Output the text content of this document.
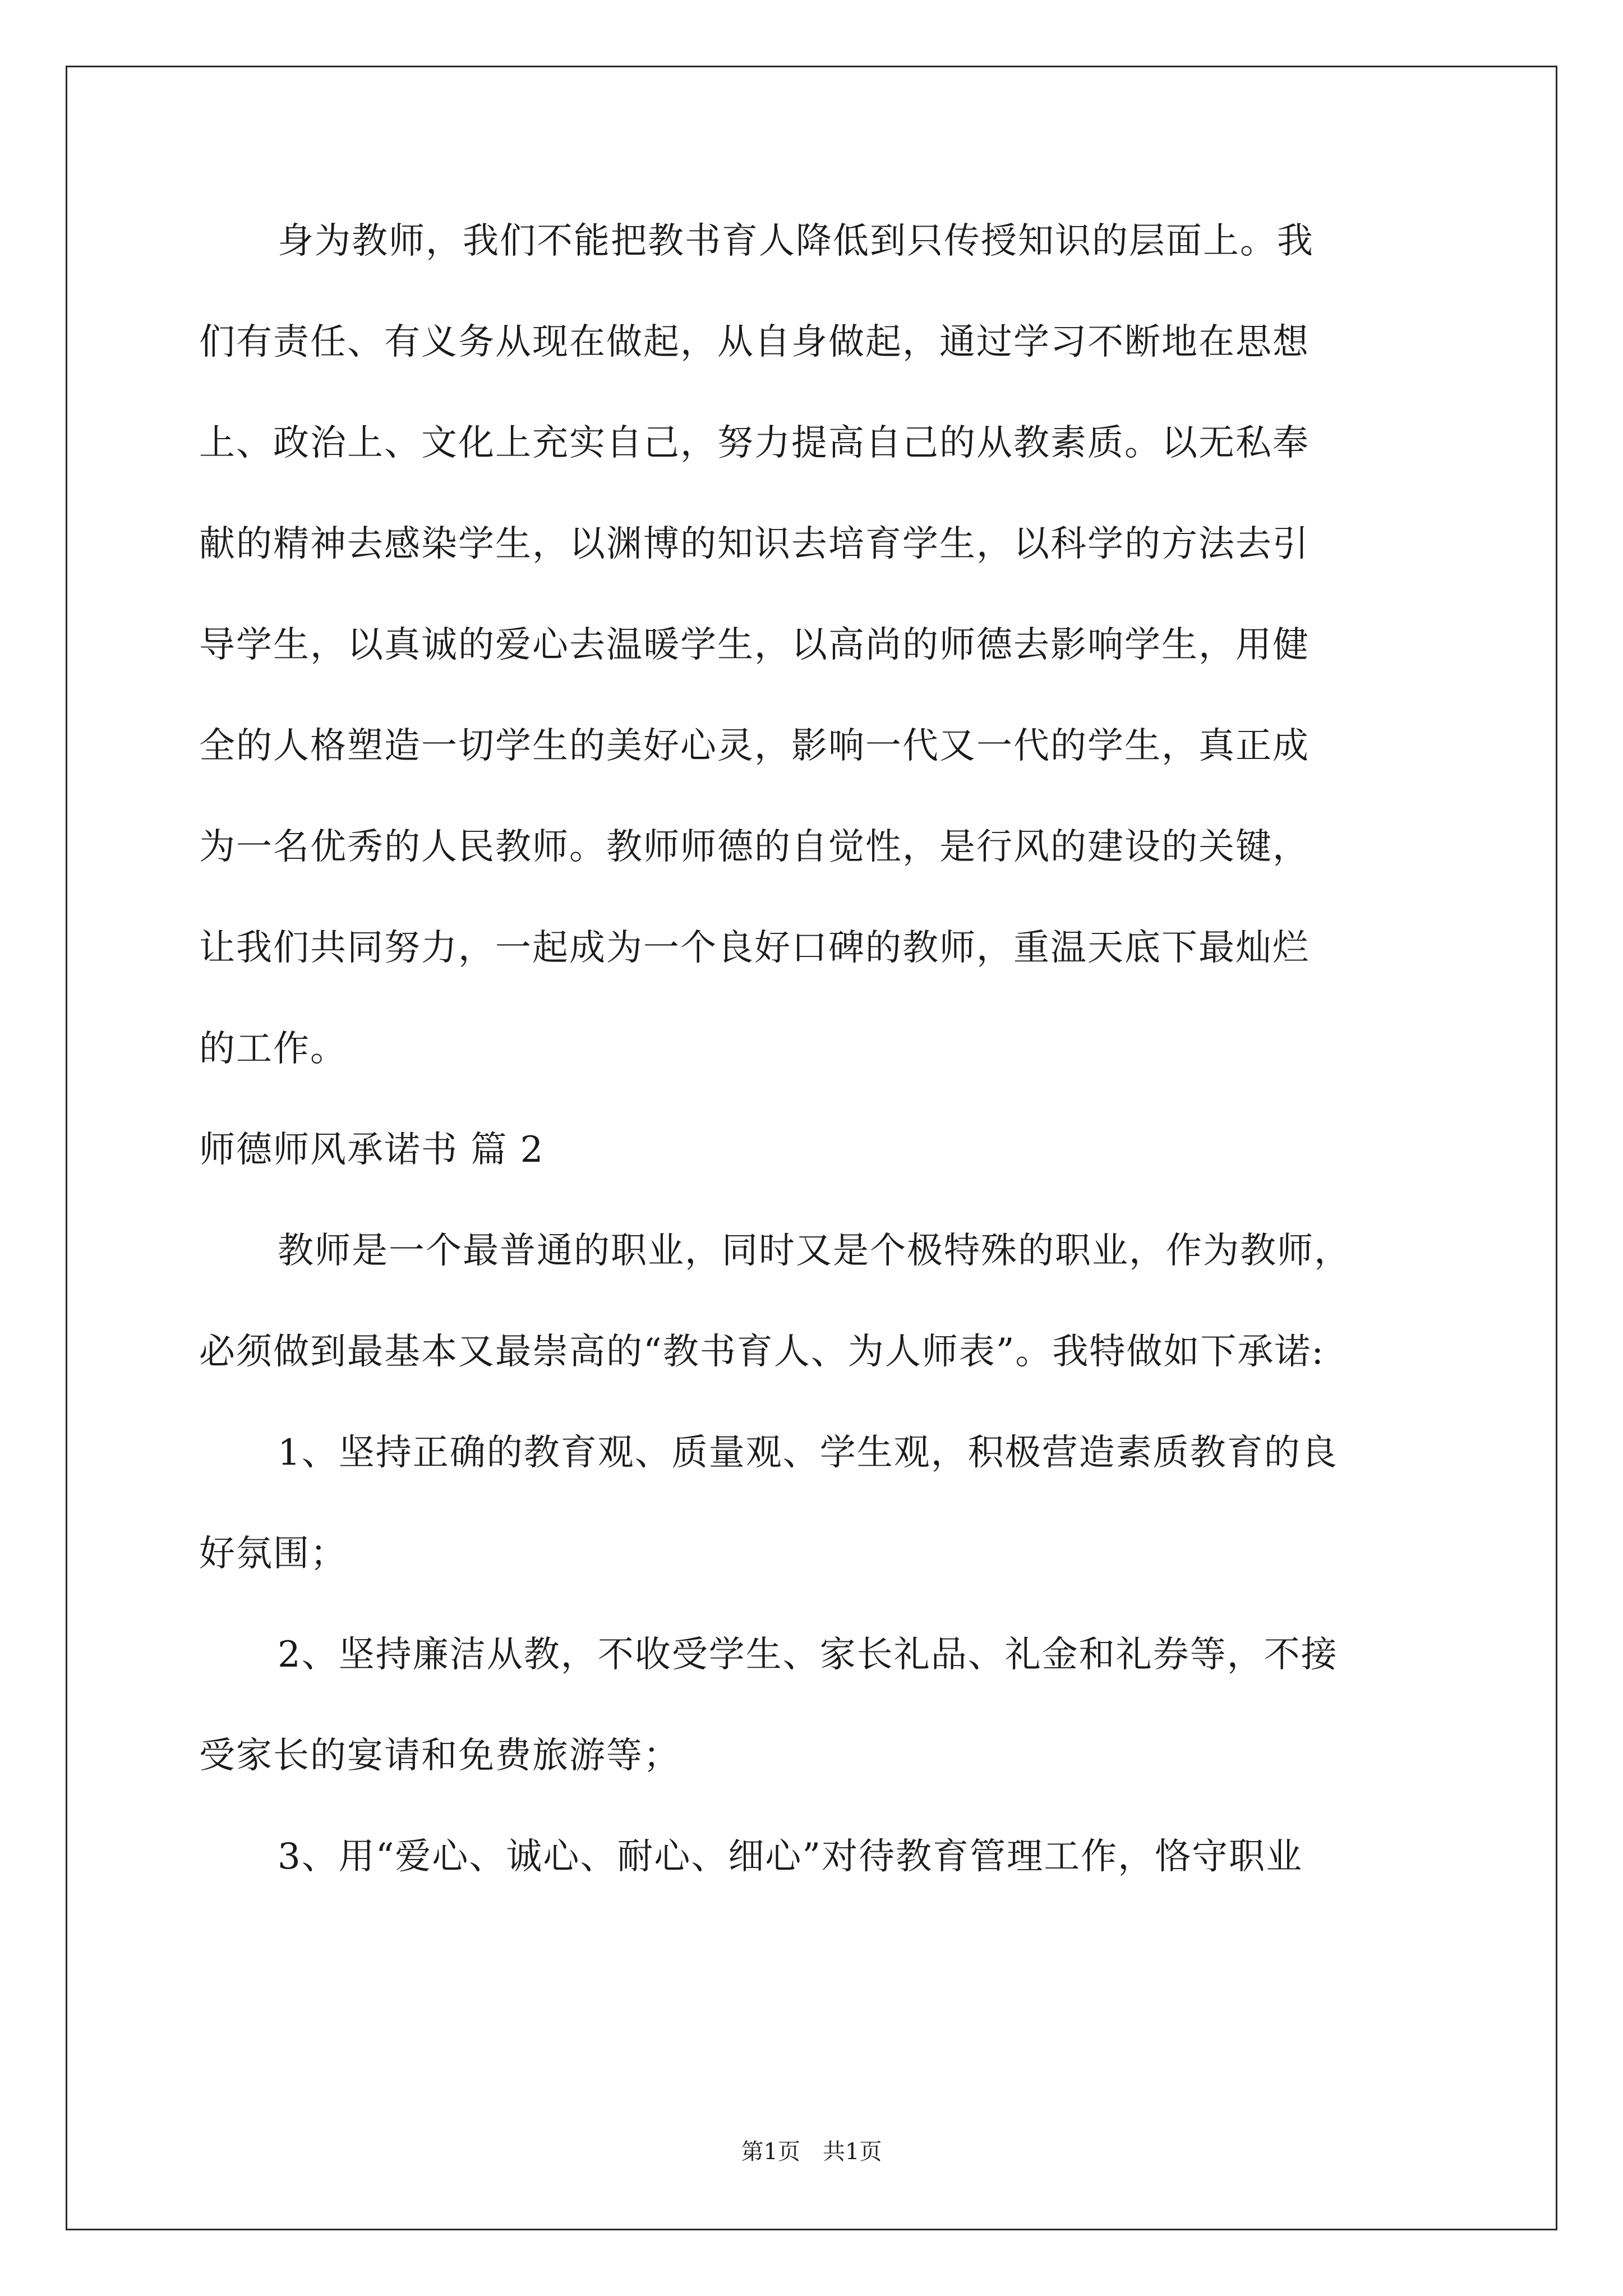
身为教师，我们不能把教书育人降低到只传授知识的层面上。我
们有责任、有义务从现在做起，从自身做起，通过学习不断地在思想
上、政治上、文化上充实自己，努力提高自己的从教素质。以无私奉
献的精神去感染学生，以渊博的知识去培育学生，以科学的方法去引
导学生，以真诚的爱心去温暖学生，以高尚的师德去影响学生，用健
全的人格塑造一切学生的美好心灵，影响一代又一代的学生，真正成
为一名优秀的人民教师。教师师德的自觉性，是行风的建设的关键，
让我们共同努力，一起成为一个良好口碑的教师，重温天底下最灿烂
的工作。
师德师风承诺书 篇 2
教师是一个最普通的职业，同时又是个极特殊的职业，作为教师，
必须做到最基本又最崇高的“教书育人、为人师表”。我特做如下承诺:
1、坚持正确的教育观、质量观、学生观，积极营造素质教育的良
好氛围；
2、坚持廉洁从教，不收受学生、家长礼品、礼金和礼券等，不接
受家长的宴请和免费旅游等；
3、用“爱心、诚心、耐心、细心”对待教育管理工作，恪守职业
第1页　共1页
